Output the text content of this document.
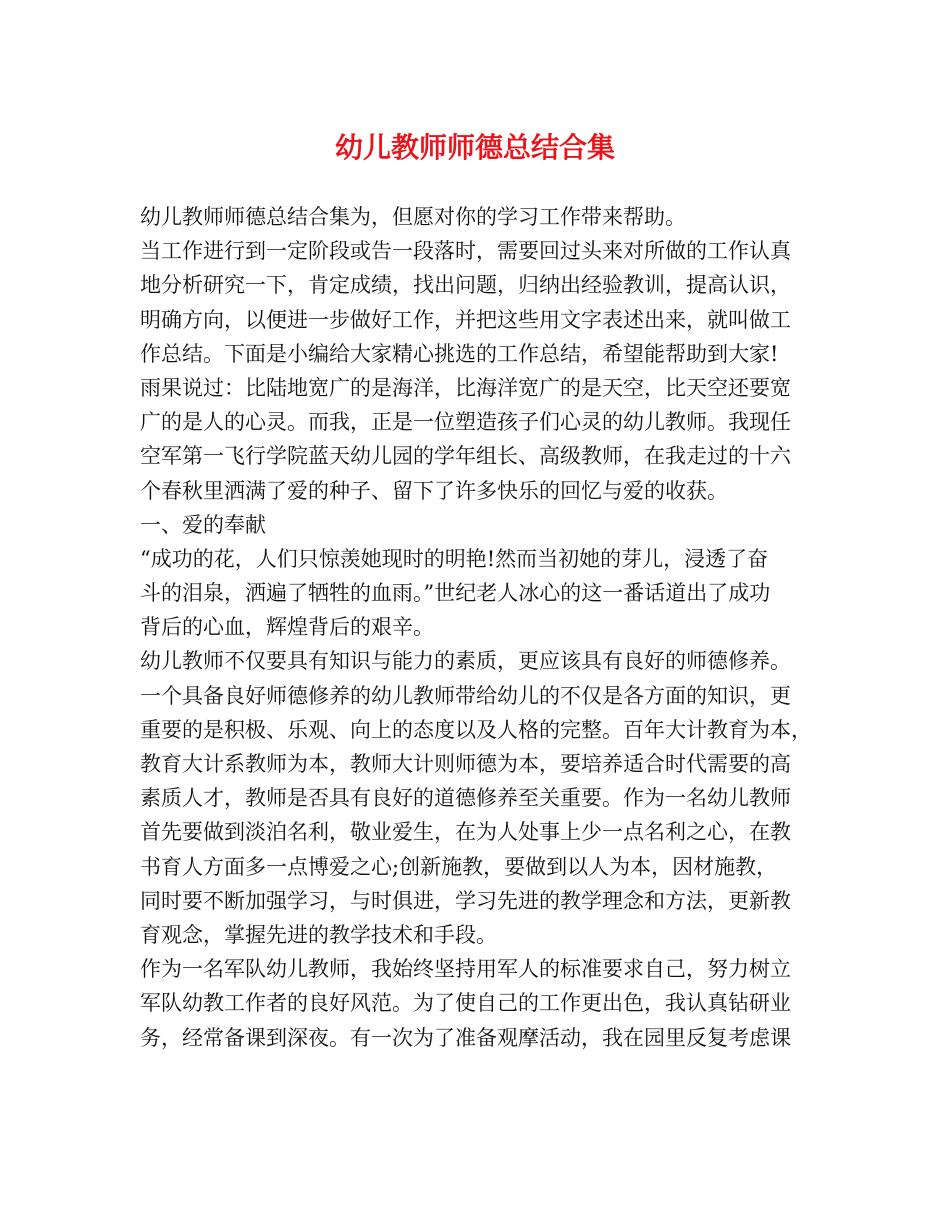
幼儿教师师德总结合集
幼儿教师师德总结合集为，但愿对你的学习工作带来帮助。
当工作进行到一定阶段或告一段落时，需要回过头来对所做的工作认真
地分析研究一下，肯定成绩，找出问题，归纳出经验教训，提高认识，
明确方向，以便进一步做好工作，并把这些用文字表述出来，就叫做工
作总结。下面是小编给大家精心挑选的工作总结，希望能帮助到大家!
雨果说过：比陆地宽广的是海洋，比海洋宽广的是天空，比天空还要宽
广的是人的心灵。而我，正是一位塑造孩子们心灵的幼儿教师。我现任
空军第一飞行学院蓝天幼儿园的学年组长、高级教师，在我走过的十六
个春秋里洒满了爱的种子、留下了许多快乐的回忆与爱的收获。
一、爱的奉献
“成功的花，人们只惊羡她现时的明艳!然而当初她的芽儿，浸透了奋
斗的泪泉，洒遍了牺牲的血雨。”世纪老人冰心的这一番话道出了成功
背后的心血，辉煌背后的艰辛。
幼儿教师不仅要具有知识与能力的素质，更应该具有良好的师德修养。
一个具备良好师德修养的幼儿教师带给幼儿的不仅是各方面的知识，更
重要的是积极、乐观、向上的态度以及人格的完整。百年大计教育为本，
教育大计系教师为本，教师大计则师德为本，要培养适合时代需要的高
素质人才，教师是否具有良好的道德修养至关重要。作为一名幼儿教师
首先要做到淡泊名利，敬业爱生，在为人处事上少一点名利之心，在教
书育人方面多一点博爱之心;创新施教，要做到以人为本，因材施教，
同时要不断加强学习，与时俱进，学习先进的教学理念和方法，更新教
育观念，掌握先进的教学技术和手段。
作为一名军队幼儿教师，我始终坚持用军人的标准要求自己，努力树立
军队幼教工作者的良好风范。为了使自己的工作更出色，我认真钻研业
务，经常备课到深夜。有一次为了准备观摩活动，我在园里反复考虑课
